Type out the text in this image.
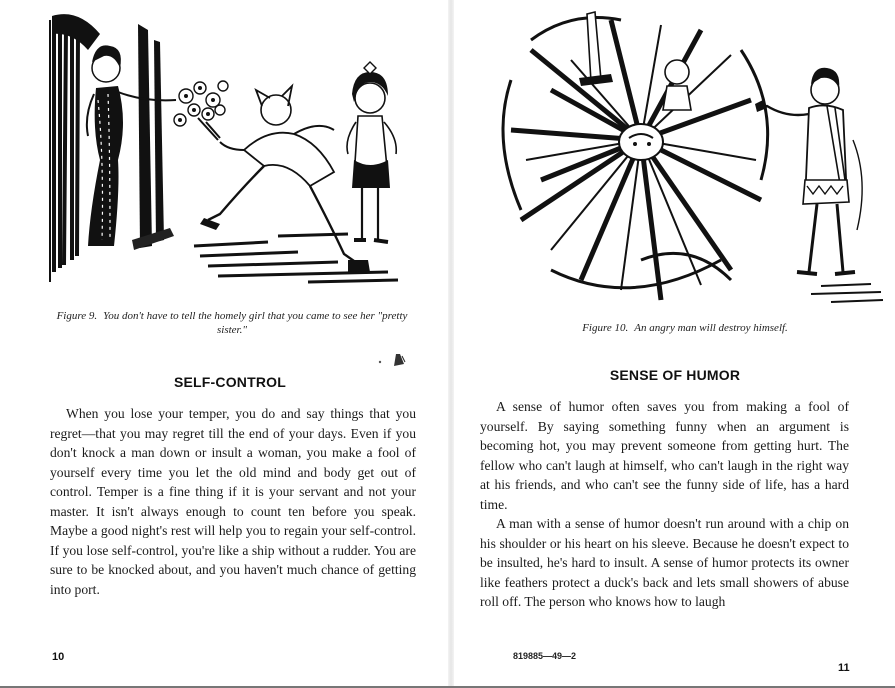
Figure 9. You don't have to tell the homely girl that you came to see her "pretty sister."
SELF-CONTROL

When you lose your temper, you do and say things that you regret—that you may regret till the end of your days. Even if you don't knock a man down or insult a woman, you make a fool of yourself every time you let the old mind and body get out of control. Temper is a fine thing if it is your servant and not your master. It isn't always enough to count ten before you speak. Maybe a good night's rest will help you to regain your self-control. If you lose self-control, you're like a ship without a rudder. You are sure to be knocked about, and you haven't much chance of getting into port.

10
Figure 10. An angry man will destroy himself.
SENSE OF HUMOR

A sense of humor often saves you from making a fool of yourself. By saying something funny when an argument is becoming hot, you may prevent someone from getting hurt. The fellow who can't laugh at himself, who can't laugh in the right way at his friends, and who can't see the funny side of life, has a hard time.

A man with a sense of humor doesn't run around with a chip on his shoulder or his heart on his sleeve. Because he doesn't expect to be insulted, he's hard to insult. A sense of humor protects its owner like feathers protect a duck's back and lets small showers of abuse roll off. The person who knows how to laugh

819885—49—2
11
